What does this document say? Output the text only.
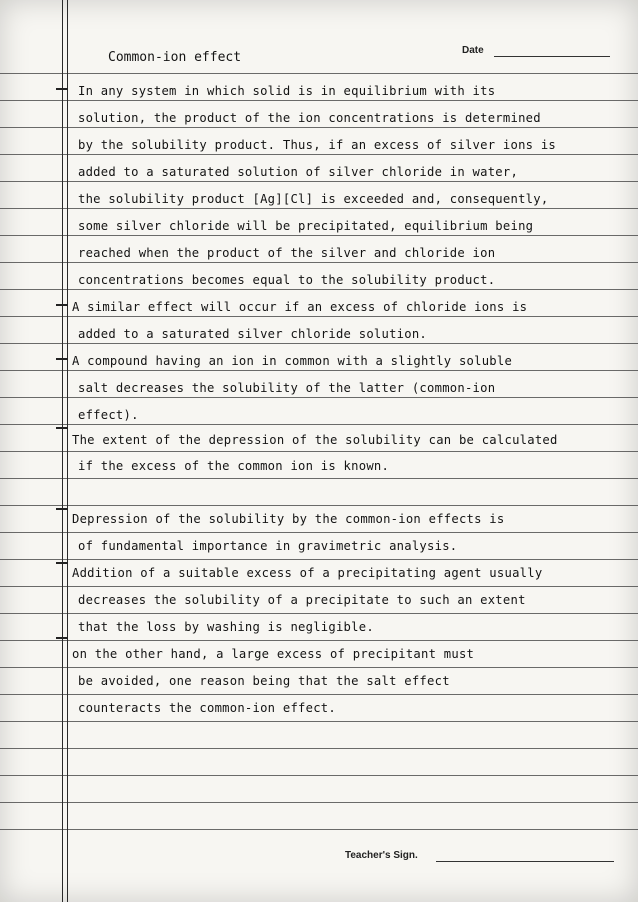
Date
Common-ion effect
In any system in which solid is in equilibrium with its
solution, the product of the ion concentrations is determined
by the solubility product. Thus, if an excess of silver ions is
added to a saturated solution of silver chloride in water,
the solubility product [Ag][Cl] is exceeded and, consequently,
some silver chloride will be precipitated, equilibrium being
reached when the product of the silver and chloride ion
concentrations becomes equal to the solubility product.
A similar effect will occur if an excess of chloride ions is
added to a saturated silver chloride solution.
A compound having an ion in common with a slightly soluble
salt decreases the solubility of the latter (common-ion
effect).
The extent of the depression of the solubility can be calculated
if the excess of the common ion is known.
Depression of the solubility by the common-ion effects is
of fundamental importance in gravimetric analysis.
Addition of a suitable excess of a precipitating agent usually
decreases the solubility of a precipitate to such an extent
that the loss by washing is negligible.
on the other hand, a large excess of precipitant must
be avoided, one reason being that the salt effect
counteracts the common-ion effect.
Teacher's Sign.
